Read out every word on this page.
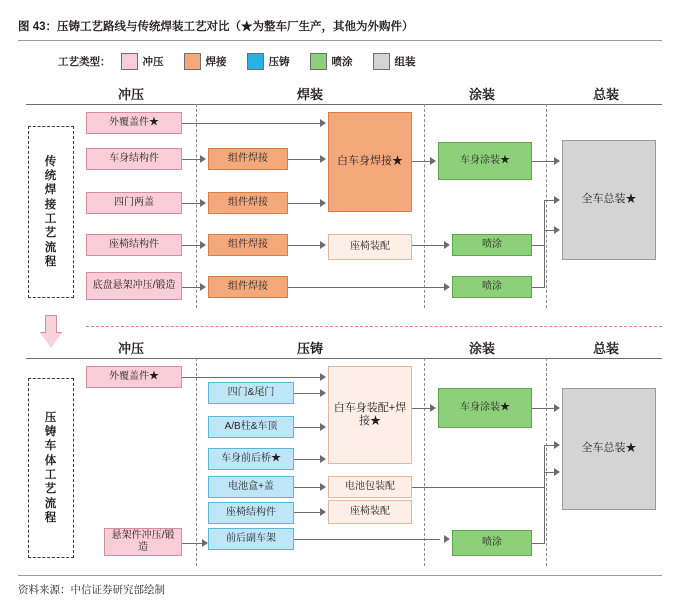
图 43：压铸工艺路线与传统焊装工艺对比（★为整车厂生产，其他为外购件）
资料来源：中信证券研究部绘制
工艺类型：	冲压	焊接	压铸	喷涂	组装
冲压	焊装	涂装	总装
传统焊接工艺流程
外覆盖件★
车身结构件
四门两盖
座椅结构件
底盘悬架冲压/锻造
组件焊接
组件焊接
组件焊接
组件焊接
白车身焊接★
座椅装配
车身涂装★
喷涂
喷涂
全车总装★
冲压	压铸	涂装	总装
压铸车体工艺流程
外覆盖件★
悬架件冲压/锻造
四门&尾门
A/B柱&车顶
车身前后桥★
电池盒+盖
座椅结构件
前后副车架
白车身装配+焊接★
电池包装配
座椅装配
车身涂装★
喷涂
全车总装★
